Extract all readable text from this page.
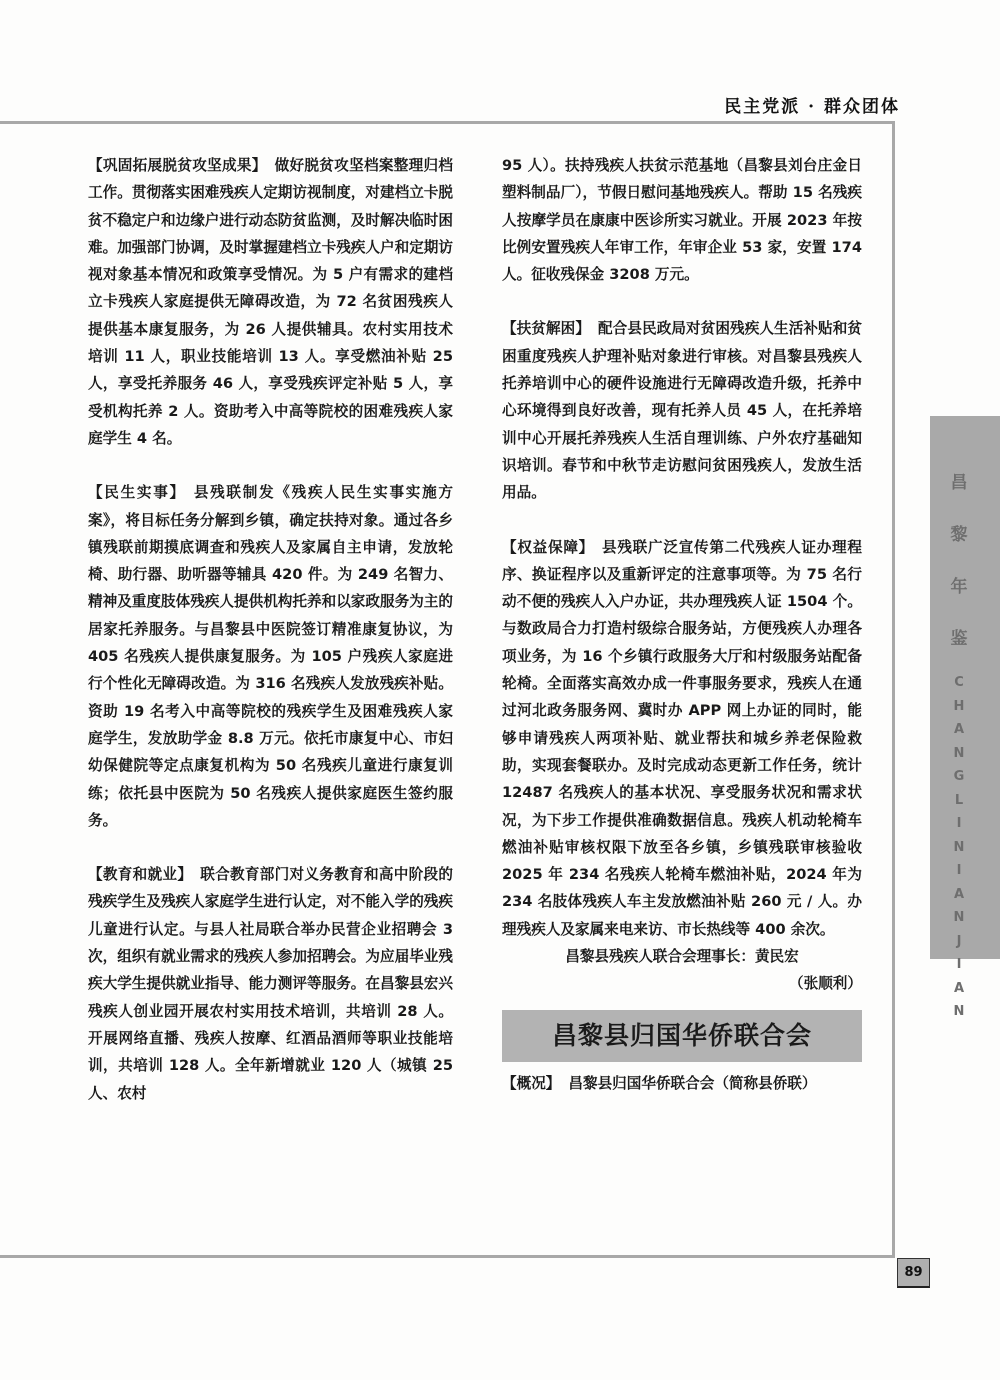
民主党派 · 群众团体

【巩固拓展脱贫攻坚成果】 做好脱贫攻坚档案整理归档工作。贯彻落实困难残疾人定期访视制度，对建档立卡脱贫不稳定户和边缘户进行动态防贫监测，及时解决临时困难。加强部门协调，及时掌握建档立卡残疾人户和定期访视对象基本情况和政策享受情况。为 5 户有需求的建档立卡残疾人家庭提供无障碍改造，为 72 名贫困残疾人提供基本康复服务，为 26 人提供辅具。农村实用技术培训 11 人，职业技能培训 13 人。享受燃油补贴 25 人，享受托养服务 46 人，享受残疾评定补贴 5 人，享受机构托养 2 人。资助考入中高等院校的困难残疾人家庭学生 4 名。

【民生实事】 县残联制发《残疾人民生实事实施方案》，将目标任务分解到乡镇，确定扶持对象。通过各乡镇残联前期摸底调查和残疾人及家属自主申请，发放轮椅、助行器、助听器等辅具 420 件。为 249 名智力、精神及重度肢体残疾人提供机构托养和以家政服务为主的居家托养服务。与昌黎县中医院签订精准康复协议，为 405 名残疾人提供康复服务。为 105 户残疾人家庭进行个性化无障碍改造。为 316 名残疾人发放残疾补贴。资助 19 名考入中高等院校的残疾学生及困难残疾人家庭学生，发放助学金 8.8 万元。依托市康复中心、市妇幼保健院等定点康复机构为 50 名残疾儿童进行康复训练；依托县中医院为 50 名残疾人提供家庭医生签约服务。

【教育和就业】 联合教育部门对义务教育和高中阶段的残疾学生及残疾人家庭学生进行认定，对不能入学的残疾儿童进行认定。与县人社局联合举办民营企业招聘会 3 次，组织有就业需求的残疾人参加招聘会。为应届毕业残疾大学生提供就业指导、能力测评等服务。在昌黎县宏兴残疾人创业园开展农村实用技术培训，共培训 28 人。开展网络直播、残疾人按摩、红酒品酒师等职业技能培训，共培训 128 人。全年新增就业 120 人（城镇 25 人、农村

95 人）。扶持残疾人扶贫示范基地（昌黎县刘台庄金日塑料制品厂），节假日慰问基地残疾人。帮助 15 名残疾人按摩学员在康康中医诊所实习就业。开展 2023 年按比例安置残疾人年审工作，年审企业 53 家，安置 174 人。征收残保金 3208 万元。

【扶贫解困】 配合县民政局对贫困残疾人生活补贴和贫困重度残疾人护理补贴对象进行审核。对昌黎县残疾人托养培训中心的硬件设施进行无障碍改造升级，托养中心环境得到良好改善，现有托养人员 45 人，在托养培训中心开展托养残疾人生活自理训练、户外农疗基础知识培训。春节和中秋节走访慰问贫困残疾人，发放生活用品。

【权益保障】 县残联广泛宣传第二代残疾人证办理程序、换证程序以及重新评定的注意事项等。为 75 名行动不便的残疾人入户办证，共办理残疾人证 1504 个。与数政局合力打造村级综合服务站，方便残疾人办理各项业务，为 16 个乡镇行政服务大厅和村级服务站配备轮椅。全面落实高效办成一件事服务要求，残疾人在通过河北政务服务网、冀时办 APP 网上办证的同时，能够申请残疾人两项补贴、就业帮扶和城乡养老保险救助，实现套餐联办。及时完成动态更新工作任务，统计 12487 名残疾人的基本状况、享受服务状况和需求状况，为下步工作提供准确数据信息。残疾人机动轮椅车燃油补贴审核权限下放至各乡镇，乡镇残联审核验收 2025 年 234 名残疾人轮椅车燃油补贴，2024 年为 234 名肢体残疾人车主发放燃油补贴 260 元 / 人。办理残疾人及家属来电来访、市长热线等 400 余次。

昌黎县残疾人联合会理事长：黄民宏

（张顺利）

昌黎县归国华侨联合会

【概况】 昌黎县归国华侨联合会（简称县侨联）

昌
黎
年
鉴
C
H
A
N
G
L
I
N
I
A
N
J
I
A
N
89
